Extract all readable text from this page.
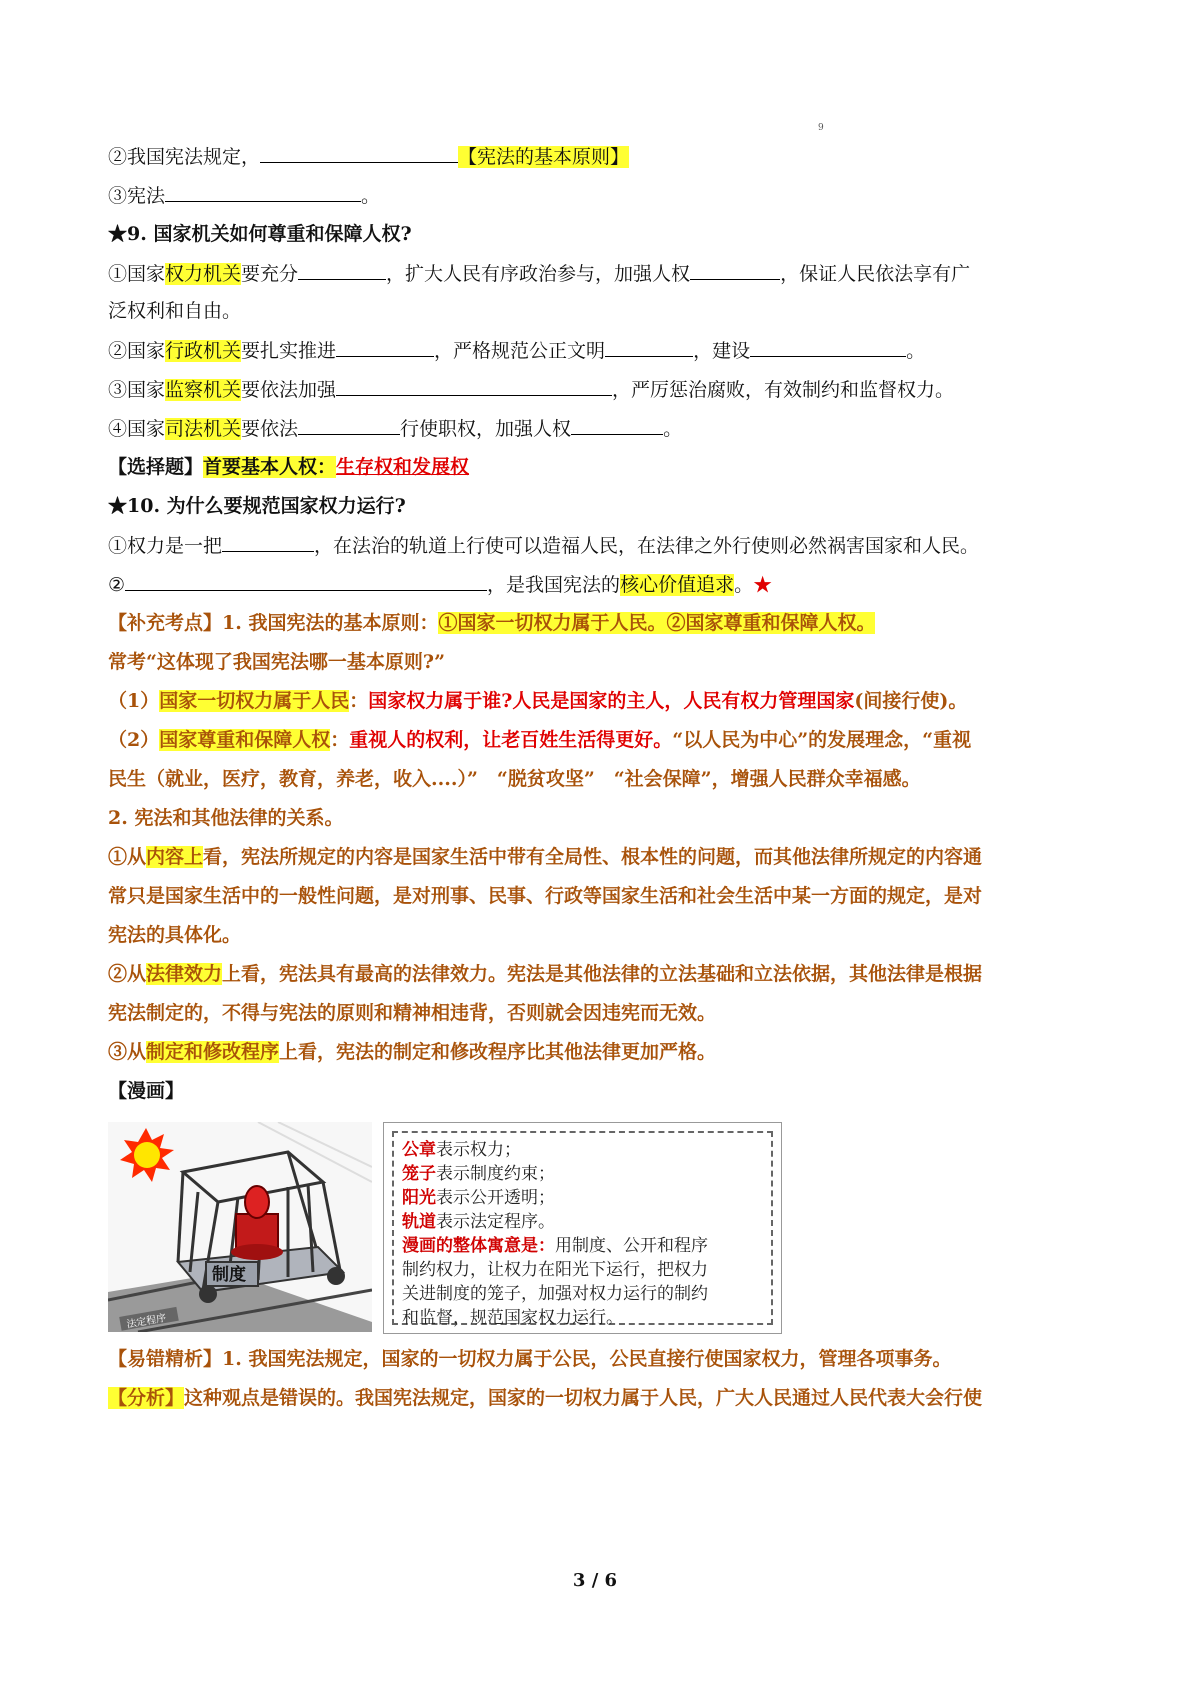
9
②我国宪法规定，	【宪法的基本原则】
③宪法	。
★9. 国家机关如何尊重和保障人权?
①国家权力机关要充分	，扩大人民有序政治参与，加强人权	，保证人民依法享有广
泛权利和自由。
②国家行政机关要扎实推进	，严格规范公正文明	，建设	。
③国家监察机关要依法加强	，严厉惩治腐败，有效制约和监督权力。
④国家司法机关要依法	行使职权，加强人权	。
【选择题】首要基本人权：生存权和发展权
★10. 为什么要规范国家权力运行?
①权力是一把	，在法治的轨道上行使可以造福人民，在法律之外行使则必然祸害国家和人民。
②	，是我国宪法的核心价值追求。★
【补充考点】1. 我国宪法的基本原则：①国家一切权力属于人民。②国家尊重和保障人权。
常考“这体现了我国宪法哪一基本原则?”
（1）国家一切权力属于人民：国家权力属于谁?人民是国家的主人，人民有权力管理国家(间接行使)。
（2）国家尊重和保障人权：重视人的权利，让老百姓生活得更好。“以人民为中心”的发展理念，“重视
民生（就业，医疗，教育，养老，收入....）”　“脱贫攻坚”　“社会保障”，增强人民群众幸福感。
2. 宪法和其他法律的关系。
①从内容上看，宪法所规定的内容是国家生活中带有全局性、根本性的问题，而其他法律所规定的内容通
常只是国家生活中的一般性问题，是对刑事、民事、行政等国家生活和社会生活中某一方面的规定，是对
宪法的具体化。
②从法律效力上看，宪法具有最高的法律效力。宪法是其他法律的立法基础和立法依据，其他法律是根据
宪法制定的，不得与宪法的原则和精神相违背，否则就会因违宪而无效。
③从制定和修改程序上看，宪法的制定和修改程序比其他法律更加严格。
【漫画】
法定程序
制度
公章表示权力；
笼子表示制度约束；
阳光表示公开透明；
轨道表示法定程序。
漫画的整体寓意是：用制度、公开和程序
制约权力，让权力在阳光下运行，把权力
关进制度的笼子，加强对权力运行的制约
和监督，规范国家权力运行。
【易错精析】1. 我国宪法规定，国家的一切权力属于公民，公民直接行使国家权力，管理各项事务。
【分析】这种观点是错误的。我国宪法规定，国家的一切权力属于人民，广大人民通过人民代表大会行使
3 / 6
